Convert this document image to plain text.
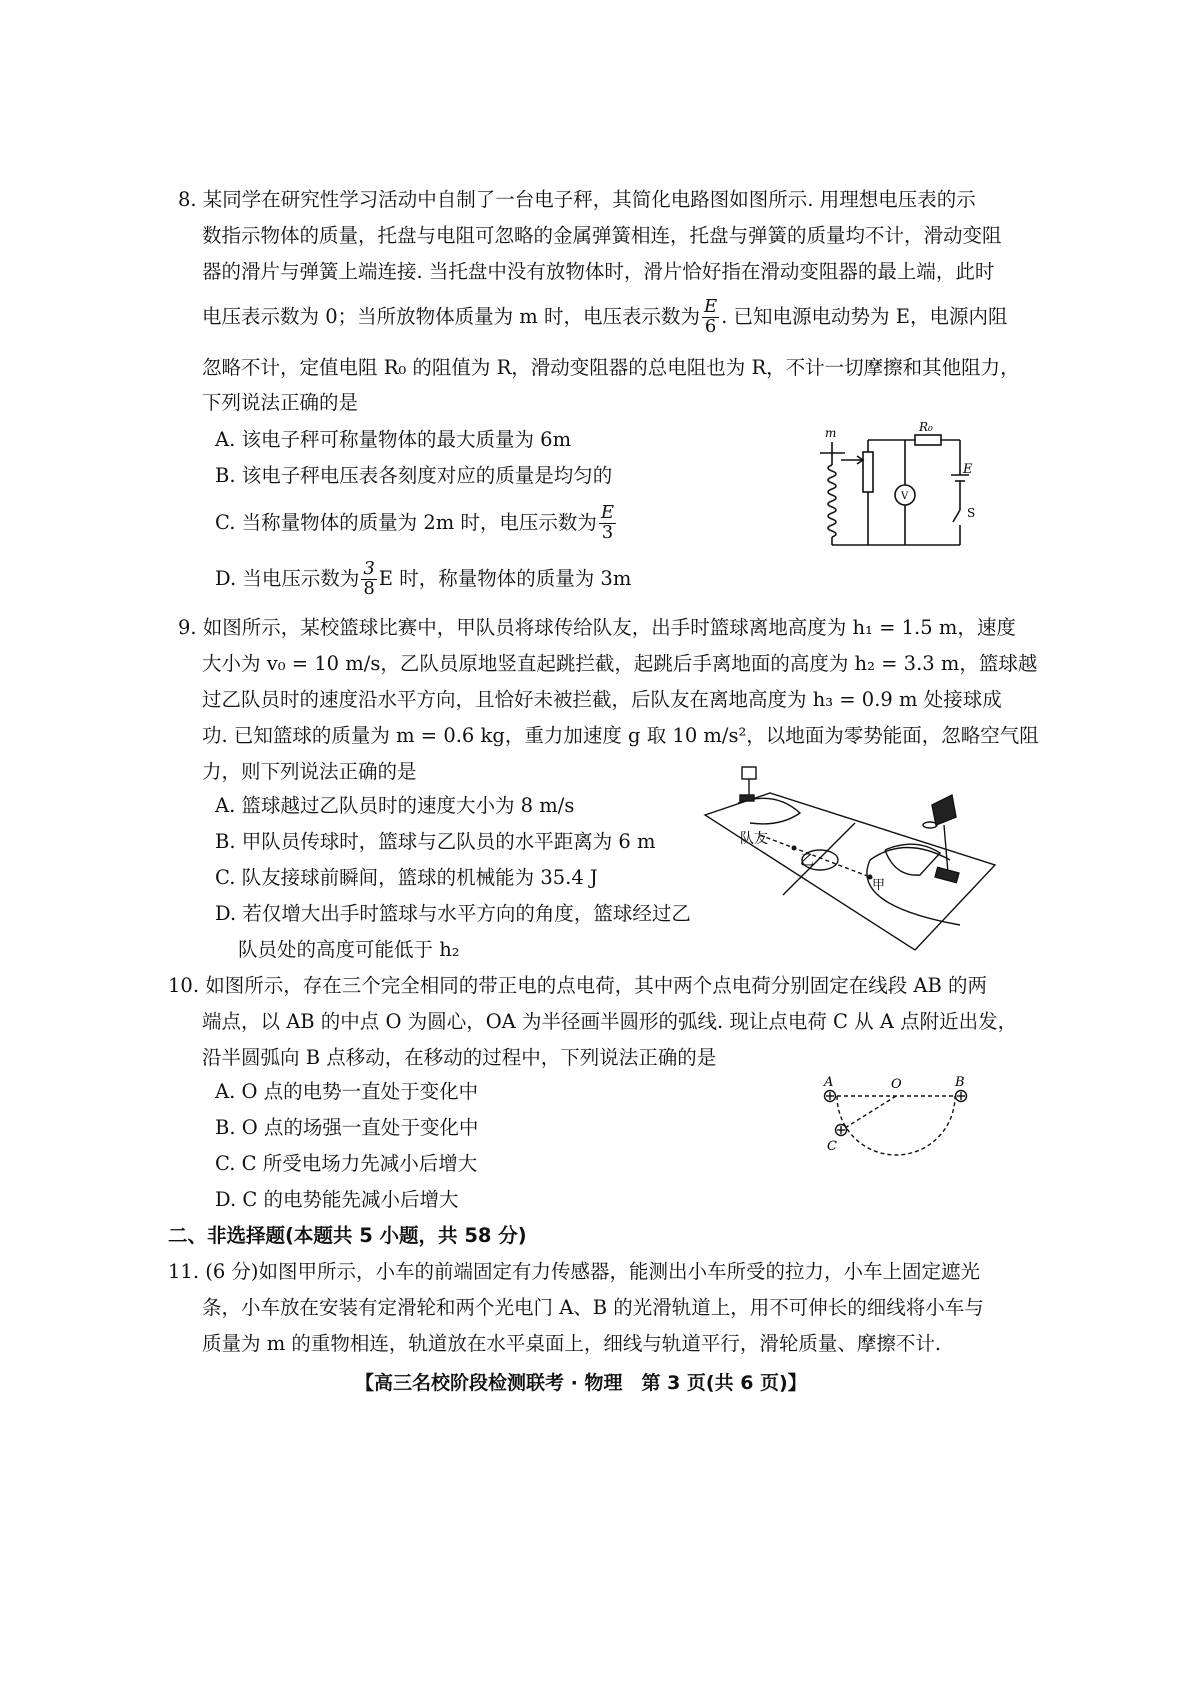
8. 某同学在研究性学习活动中自制了一台电子秤，其简化电路图如图所示. 用理想电压表的示
数指示物体的质量，托盘与电阻可忽略的金属弹簧相连，托盘与弹簧的质量均不计，滑动变阻
器的滑片与弹簧上端连接. 当托盘中没有放物体时，滑片恰好指在滑动变阻器的最上端，此时
电压表示数为 0；当所放物体质量为 m 时，电压表示数为 $\frac{E}{6}$ . 已知电源电动势为 E，电源内阻
忽略不计，定值电阻 R₀ 的阻值为 R，滑动变阻器的总电阻也为 R，不计一切摩擦和其他阻力，
下列说法正确的是
A. 该电子秤可称量物体的最大质量为 6m
B. 该电子秤电压表各刻度对应的质量是均匀的
C. 当称量物体的质量为 2m 时，电压示数为 $\frac{E}{3}$
D. 当电压示数为 $\frac{3}{8}$ E 时，称量物体的质量为 3m
m	R₀
V
E
S
9. 如图所示，某校篮球比赛中，甲队员将球传给队友，出手时篮球离地高度为 h₁ = 1.5 m，速度
大小为 v₀ = 10 m/s，乙队员原地竖直起跳拦截，起跳后手离地面的高度为 h₂ = 3.3 m，篮球越
过乙队员时的速度沿水平方向，且恰好未被拦截，后队友在离地高度为 h₃ = 0.9 m 处接球成
功. 已知篮球的质量为 m = 0.6 kg，重力加速度 g 取 10 m/s²，以地面为零势能面，忽略空气阻
力，则下列说法正确的是
A. 篮球越过乙队员时的速度大小为 8 m/s
B. 甲队员传球时，篮球与乙队员的水平距离为 6 m
C. 队友接球前瞬间，篮球的机械能为 35.4 J
D. 若仅增大出手时篮球与水平方向的角度，篮球经过乙
队员处的高度可能低于 h₂
队友
乙
甲
10. 如图所示，存在三个完全相同的带正电的点电荷，其中两个点电荷分别固定在线段 AB 的两
端点，以 AB 的中点 O 为圆心，OA 为半径画半圆形的弧线. 现让点电荷 C 从 A 点附近出发，
沿半圆弧向 B 点移动，在移动的过程中，下列说法正确的是
A. O 点的电势一直处于变化中
B. O 点的场强一直处于变化中
C. C 所受电场力先减小后增大
D. C 的电势能先减小后增大
A	O	B
C
二、非选择题(本题共 5 小题，共 58 分)
11. (6 分)如图甲所示，小车的前端固定有力传感器，能测出小车所受的拉力，小车上固定遮光
条，小车放在安装有定滑轮和两个光电门 A、B 的光滑轨道上，用不可伸长的细线将小车与
质量为 m 的重物相连，轨道放在水平桌面上，细线与轨道平行，滑轮质量、摩擦不计.
【高三名校阶段检测联考 · 物理　第 3 页(共 6 页)】
